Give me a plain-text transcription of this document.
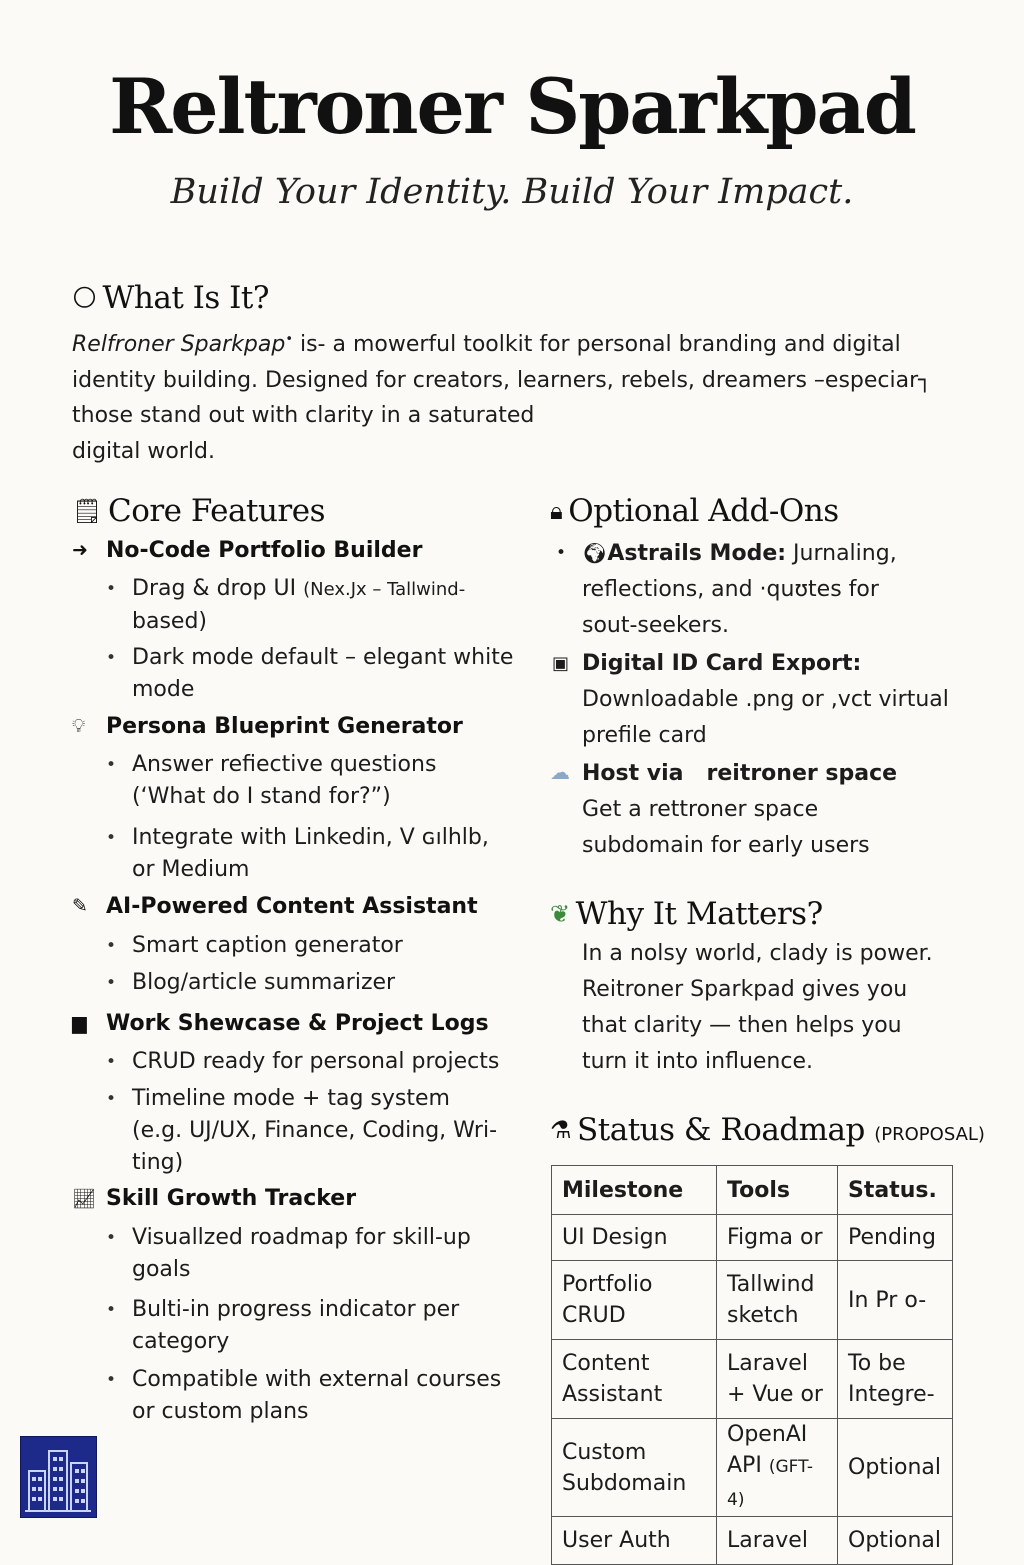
Reltroner Sparkpad
Build Your Identity. Build Your Impact.
🌕︎ What Is It?
Relfroner Sparkpap• is- a mowerful toolkit for personal branding and digital
identity building. Designed for creators, learners, rebels, dreamers –especiar┐
those stand out with clarity in a saturated
digital world.
🗒 Core Features
➜ No-Code Portfolio Builder
• Drag & drop UI (Nex.Jx – Tallwind-
based)
• Dark mode default – elegant white
mode
💡︎ Persona Blueprint Generator
• Answer refiective questions
(‘What do I stand for?”)
• Integrate with Linkedin, V ɢılhlb,
or Medium
✎ AI-Powered Content Assistant
• Smart caption generator
• Blog/article summarizer
▆ Work Shewcase & Project Logs
• CRUD ready for personal projects
• Timeline mode + tag system
(e.g. UJ/UX, Finance, Coding, Wri-
ting)
📈︎ Skill Growth Tracker
• Visuallzed roadmap for skill-up
goals
• Bulti-in progress indicator per
category
• Compatible with external courses
or custom plans
🔒︎ Optional Add-Ons
• 🌍︎Astrails Mode: Jurnaling,
reflections, and ·quʊtes for
sout-seekers.
▣ Digital ID Card Export:
Downloadable .png or ,vct virtual
prefile card
☁ Host via   reitroner space
Get a rettroner space
subdomain for early users
❦ Why It Matters?
In a nolsy world, clady is power.
Reitroner Sparkpad gives you
that clarity — then helps you
turn it into influence.
⚗ Status & Roadmap (PROPOSAL)
Milestone	Tools	Status.
UI Design	Figma or	Pending
Portfolio CRUD	Tallwind sketch	In Pr o-
Content Assistant	Laravel + Vue or	To be Integre-
Custom Subdomain	OpenAI API (GFT-4)	Optional
User Auth	Laravel	Optional
